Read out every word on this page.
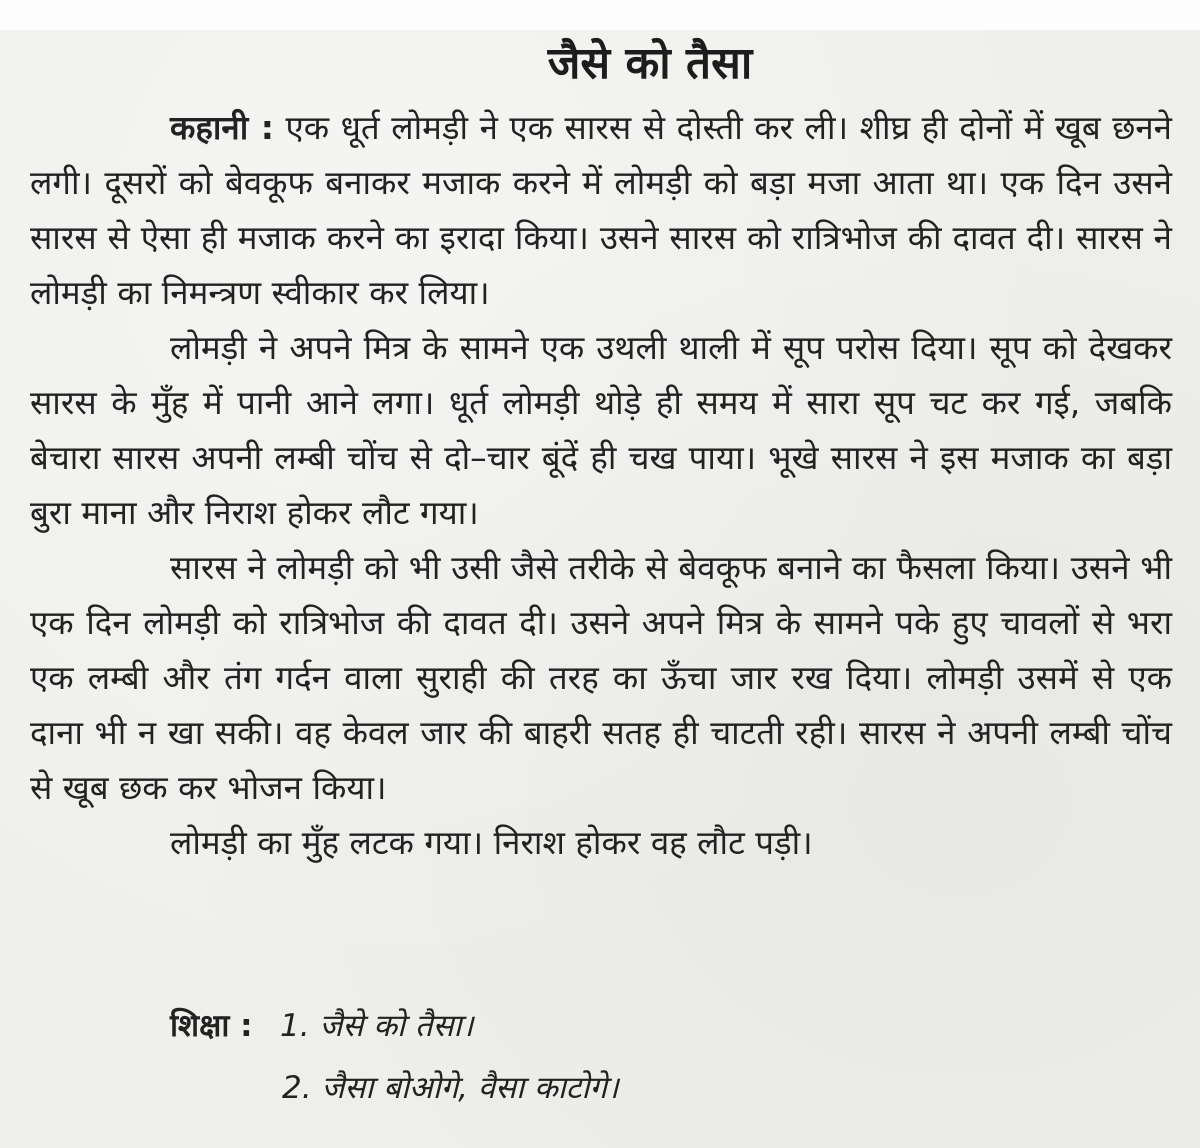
जैसे को तैसा

कहानी : एक धूर्त लोमड़ी ने एक सारस से दोस्ती कर ली। शीघ्र ही दोनों में खूब छनने लगी। दूसरों को बेवकूफ बनाकर मजाक करने में लोमड़ी को बड़ा मजा आता था। एक दिन उसने सारस से ऐसा ही मजाक करने का इरादा किया। उसने सारस को रात्रिभोज की दावत दी। सारस ने लोमड़ी का निमन्त्रण स्वीकार कर लिया।

लोमड़ी ने अपने मित्र के सामने एक उथली थाली में सूप परोस दिया। सूप को देखकर सारस के मुँह में पानी आने लगा। धूर्त लोमड़ी थोड़े ही समय में सारा सूप चट कर गई, जबकि बेचारा सारस अपनी लम्बी चोंच से दो–चार बूंदें ही चख पाया। भूखे सारस ने इस मजाक का बड़ा बुरा माना और निराश होकर लौट गया।

सारस ने लोमड़ी को भी उसी जैसे तरीके से बेवकूफ बनाने का फैसला किया। उसने भी एक दिन लोमड़ी को रात्रिभोज की दावत दी। उसने अपने मित्र के सामने पके हुए चावलों से भरा एक लम्बी और तंग गर्दन वाला सुराही की तरह का ऊँचा जार रख दिया। लोमड़ी उसमें से एक दाना भी न खा सकी। वह केवल जार की बाहरी सतह ही चाटती रही। सारस ने अपनी लम्बी चोंच से खूब छक कर भोजन किया।

लोमड़ी का मुँह लटक गया। निराश होकर वह लौट पड़ी।

शिक्षा : 1. जैसे को तैसा।

2. जैसा बोओगे, वैसा काटोगे।
